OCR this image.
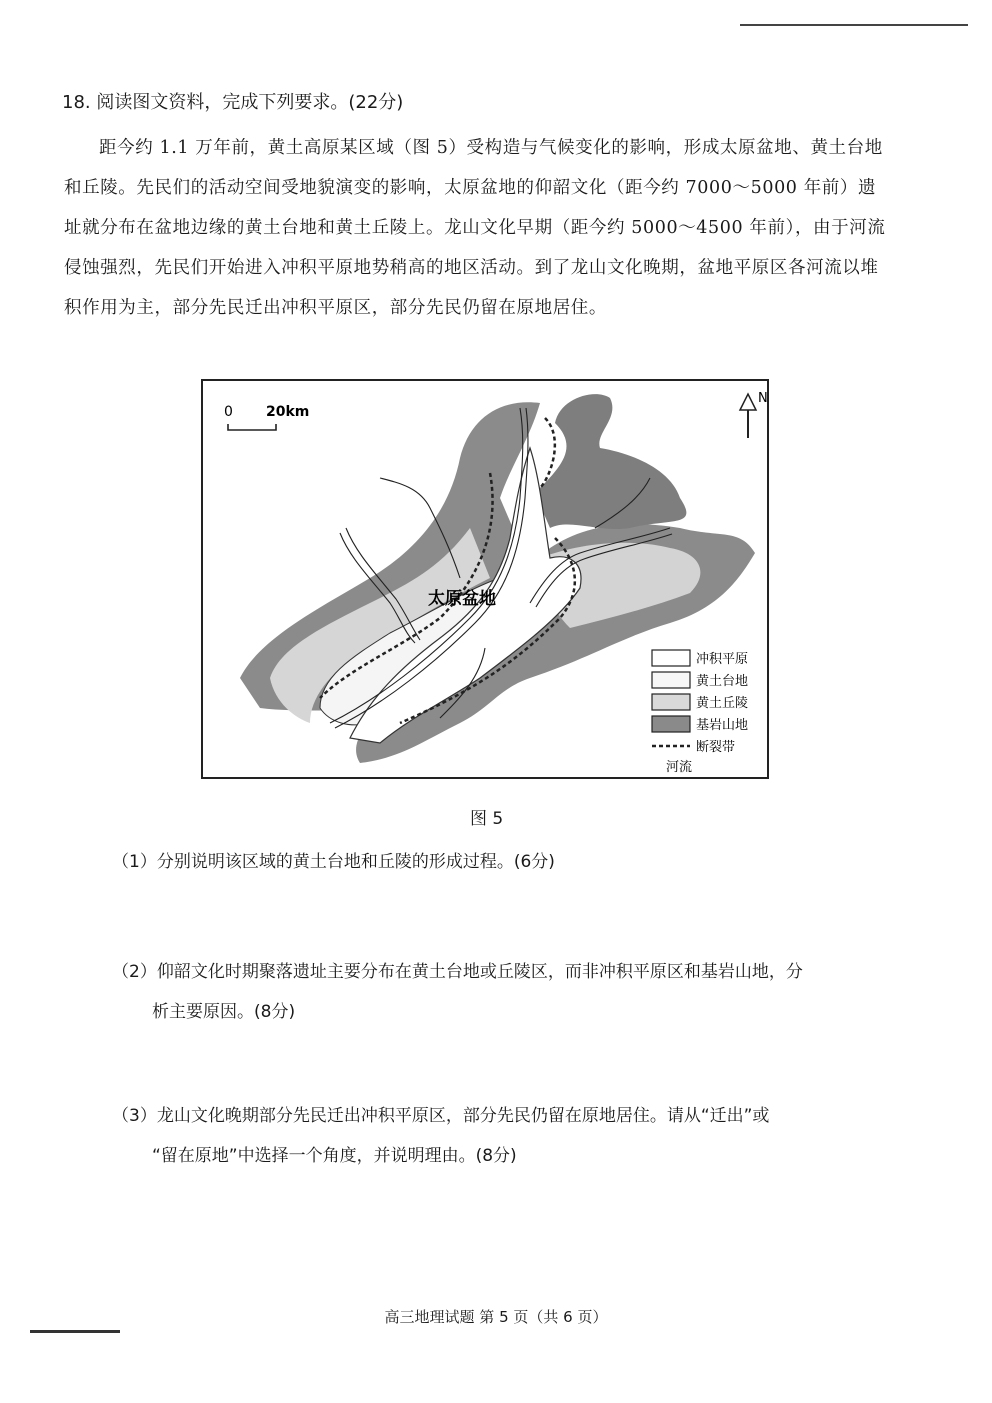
18. 阅读图文资料，完成下列要求。(22分)

距今约 1.1 万年前，黄土高原某区域（图 5）受构造与气候变化的影响，形成太原盆地、黄土台地和丘陵。先民们的活动空间受地貌演变的影响，太原盆地的仰韶文化（距今约 7000～5000 年前）遗址就分布在盆地边缘的黄土台地和黄土丘陵上。龙山文化早期（距今约 5000～4500 年前），由于河流侵蚀强烈，先民们开始进入冲积平原地势稍高的地区活动。到了龙山文化晚期，盆地平原区各河流以堆积作用为主，部分先民迁出冲积平原区，部分先民仍留在原地居住。

0 20km
N
太原盆地
冲积平原
黄土台地
黄土丘陵
基岩山地
断裂带
河流
图 5
（1）分别说明该区域的黄土台地和丘陵的形成过程。(6分)
（2）仰韶文化时期聚落遗址主要分布在黄土台地或丘陵区，而非冲积平原区和基岩山地，分
析主要原因。(8分)
（3）龙山文化晚期部分先民迁出冲积平原区，部分先民仍留在原地居住。请从“迁出”或
“留在原地”中选择一个角度，并说明理由。(8分)
高三地理试题 第 5 页（共 6 页）
